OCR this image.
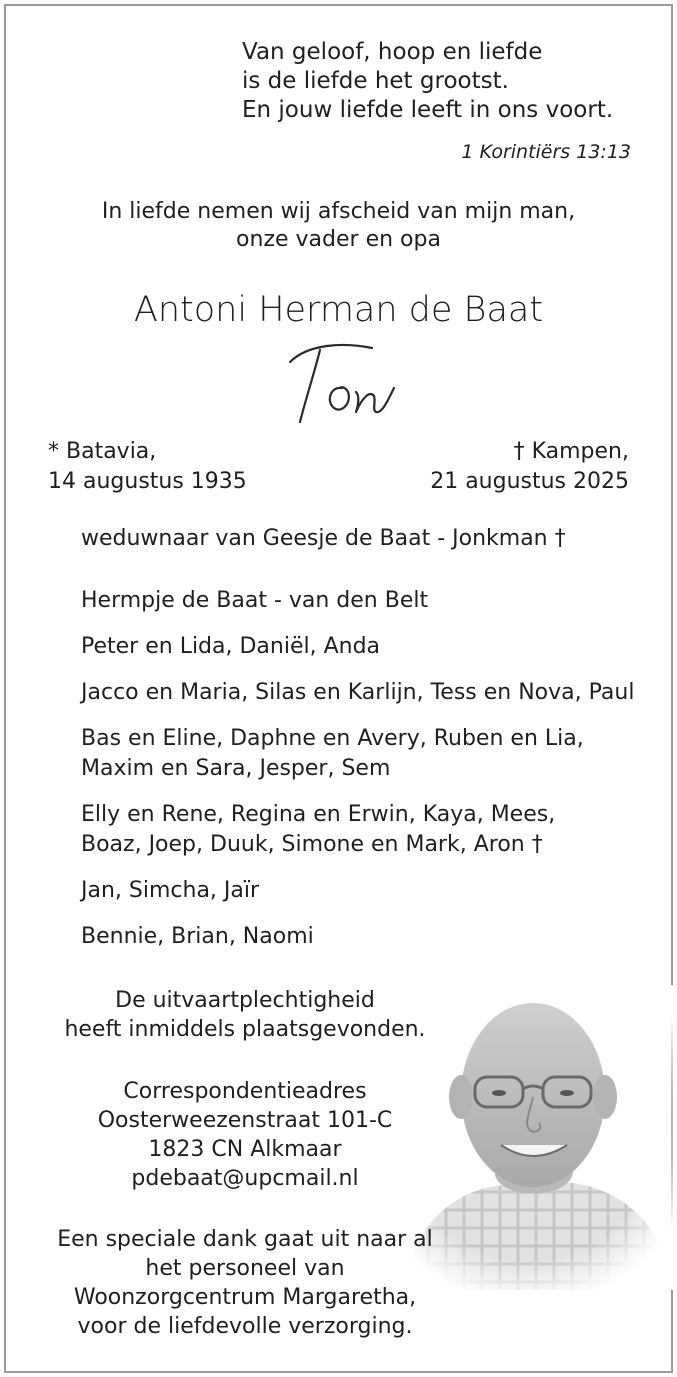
Van geloof, hoop en liefde
is de liefde het grootst.
En jouw liefde leeft in ons voort.
1 Korintiërs 13:13
In liefde nemen wij afscheid van mijn man,
onze vader en opa
Antoni Herman de Baat
* Batavia,
14 augustus 1935
† Kampen,
21 augustus 2025
weduwnaar van Geesje de Baat - Jonkman †
Hermpje de Baat - van den Belt
Peter en Lida, Daniël, Anda
Jacco en Maria, Silas en Karlijn, Tess en Nova, Paul
Bas en Eline, Daphne en Avery, Ruben en Lia,
Maxim en Sara, Jesper, Sem
Elly en Rene, Regina en Erwin, Kaya, Mees,
Boaz, Joep, Duuk, Simone en Mark, Aron †
Jan, Simcha, Jaïr
Bennie, Brian, Naomi
De uitvaartplechtigheid
heeft inmiddels plaatsgevonden.
Correspondentieadres
Oosterweezenstraat 101-C
1823 CN Alkmaar
pdebaat@upcmail.nl
Een speciale dank gaat uit naar al
het personeel van
Woonzorgcentrum Margaretha,
voor de liefdevolle verzorging.
